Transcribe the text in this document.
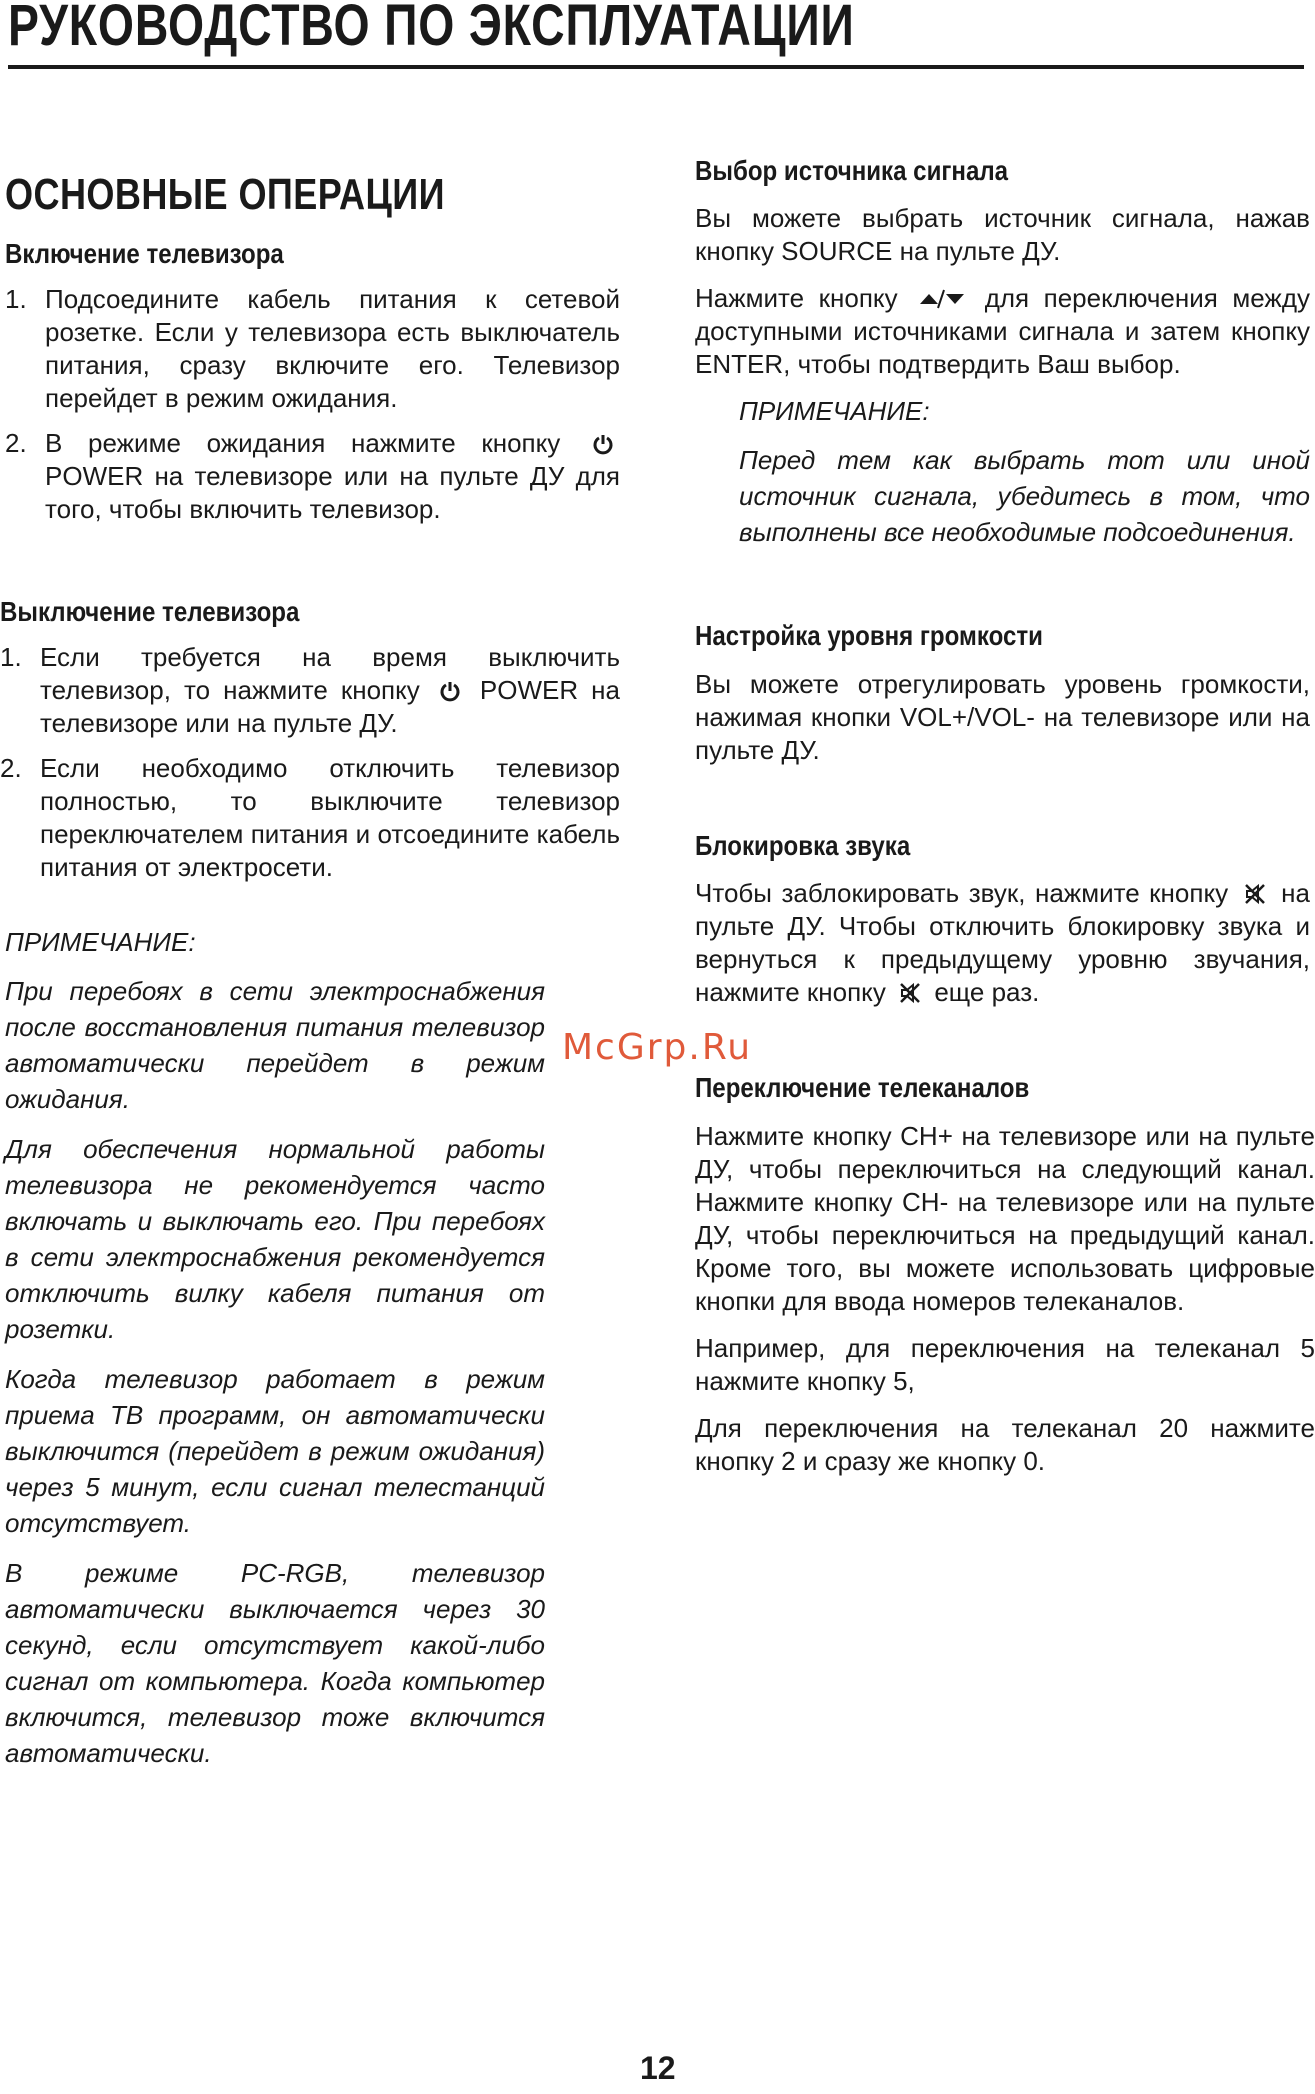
РУКОВОДСТВО ПО ЭКСПЛУАТАЦИИ
ОСНОВНЫЕ ОПЕРАЦИИ
Включение телевизора
1. Подсоедините кабель питания к сетевой розетке. Если у телевизора есть выключатель питания, сразу включите его. Телевизор перейдет в режим ожидания.
2. В режиме ожидания нажмите кнопку  POWER на телевизоре или на пульте ДУ для того, чтобы включить телевизор.
Выключение телевизора
1. Если требуется на время выключить телевизор, то нажмите кнопку POWER на телевизоре или на пульте ДУ.
2. Если необходимо отключить телевизор полностью, то выключите телевизор переключателем питания и отсоедините кабель питания от электросети.

ПРИМЕЧАНИЕ:

При перебоях в сети электроснабжения после восстановления питания телевизор автоматически перейдет в режим ожидания.

Для обеспечения нормальной работы телевизора не рекомендуется часто включать и выключать его. При перебоях в сети электроснабжения рекомендуется отключить вилку кабеля питания от розетки.

Когда телевизор работает в режим приема ТВ программ, он автоматически выключится (перейдет в режим ожидания) через 5 минут, если сигнал телестанций отсутствует.

В режиме PC-RGB, телевизор автоматически выключается через 30 секунд, если отсутствует какой-либо сигнал от компьютера. Когда компьютер включится, телевизор тоже включится автоматически.

Выбор источника сигнала

Вы можете выбрать источник сигнала, нажав кнопку SOURCE на пульте ДУ.

Нажмите кнопку	для переключения между доступными источниками сигнала и затем кнопку ENTER, чтобы подтвердить Ваш выбор.

ПРИМЕЧАНИЕ:

Перед тем как выбрать тот или иной источник сигнала, убедитесь в том, что выполнены все необходимые подсоединения.

Настройка уровня громкости

Вы можете отрегулировать уровень громкости, нажимая кнопки VOL+/VOL- на телевизоре или на пульте ДУ.

Блокировка звука

Чтобы заблокировать звук, нажмите кнопку на пульте ДУ. Чтобы отключить блокировку звука и вернуться к предыдущему уровню звучания, нажмите кнопку еще раз.

Переключение телеканалов

Нажмите кнопку CH+ на телевизоре или на пульте ДУ, чтобы переключиться на следующий канал. Нажмите кнопку CH- на телевизоре или на пульте ДУ, чтобы переключиться на предыдущий канал. Кроме того, вы можете использовать цифровые кнопки для ввода номеров телеканалов.

Например, для переключения на телеканал 5 нажмите кнопку 5,

Для переключения на телеканал 20 нажмите кнопку 2 и сразу же кнопку 0.

McGrp.Ru
12
